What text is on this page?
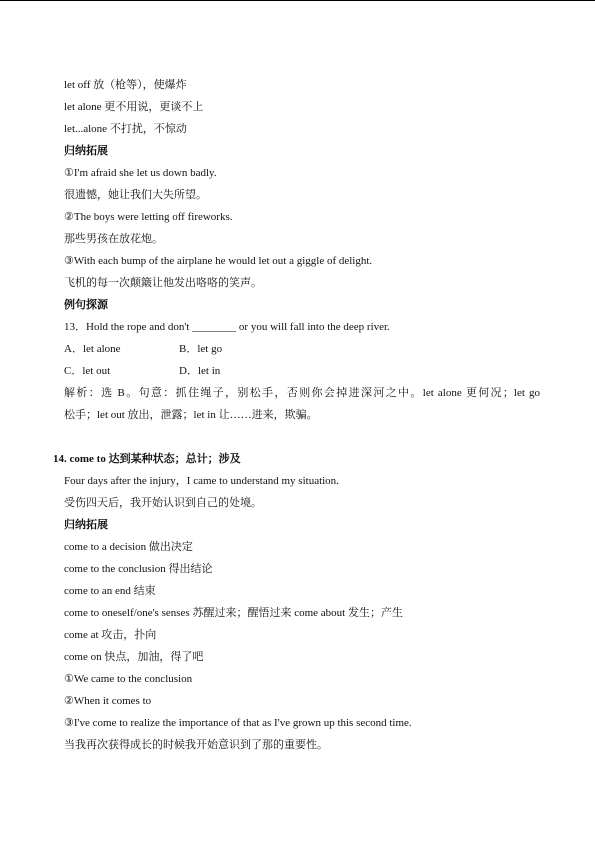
let off 放（枪等），使爆炸
let alone 更不用说，更谈不上
let...alone 不打扰，不惊动
归纳拓展
①I'm afraid she let us down badly.
很遗憾，她让我们大失所望。
②The boys were letting off fireworks.
那些男孩在放花炮。
③With each bump of the airplane he would let out a giggle of delight.
飞机的每一次颠簸让他发出咯咯的笑声。
例句探源
13．Hold the rope and don't ________ or you will fall into the deep river.
A．let alone	B．let go
C．let out	D．let in
解析：选 B。句意：抓住绳子，别松手，否则你会掉进深河之中。let alone 更何况；let go
松手；let out 放出，泄露；let in 让……进来，欺骗。
14. come to 达到某种状态；总计；涉及
Four days after the injury，I came to understand my situation.
受伤四天后，我开始认识到自己的处境。
归纳拓展
come to a decision 做出决定
come to the conclusion 得出结论
come to an end 结束
come to oneself/one's senses 苏醒过来；醒悟过来 come about 发生；产生
come at 攻击，扑向
come on 快点，加油，得了吧
①We came to the conclusion
②When it comes to
③I've come to realize the importance of that as I've grown up this second time.
当我再次获得成长的时候我开始意识到了那的重要性。
